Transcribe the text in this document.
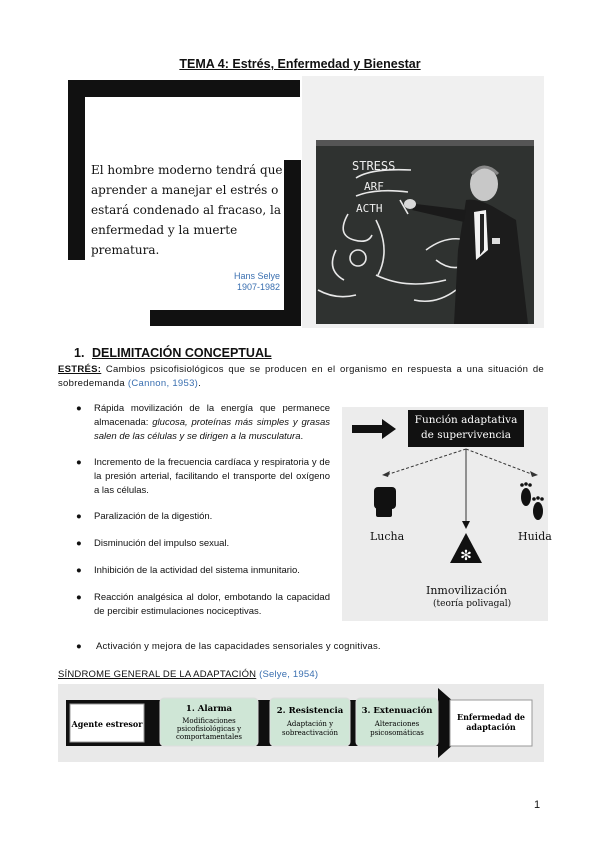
TEMA 4: Estrés, Enfermedad y Bienestar
El hombre moderno tendrá que
aprender a manejar el estrés o
estará condenado al fracaso, la
enfermedad y la muerte prematura.
Hans Selye
1907-1982
STRESS
ARF
ACTH
1. DELIMITACIÓN CONCEPTUAL
ESTRÉS: Cambios psicofisiológicos que se producen en el organismo en respuesta a una situación de sobredemanda (Cannon, 1953).
● Rápida movilización de la energía que permanece almacenada: glucosa, proteínas más simples y grasas salen de las células y se dirigen a la musculatura.
● Incremento de la frecuencia cardíaca y respiratoria y de la presión arterial, facilitando el transporte del oxígeno a las células.
● Paralización de la digestión.
● Disminución del impulso sexual.
● Inhibición de la actividad del sistema inmunitario.
● Reacción analgésica al dolor, embotando la capacidad de percibir estimulaciones nociceptivas.
● Activación y mejora de las capacidades sensoriales y cognitivas.
✻
Función adaptativa
de supervivencia
Lucha	Huida
Inmovilización
(teoría polivagal)
SÍNDROME GENERAL DE LA ADAPTACIÓN (Selye, 1954)
Agente estresor
1. Alarma
Modificaciones
psicofisiológicas y
comportamentales
2. Resistencia
Adaptación y
sobreactivación
3. Extenuación
Alteraciones
psicosomáticas
Enfermedad de
adaptación
1
